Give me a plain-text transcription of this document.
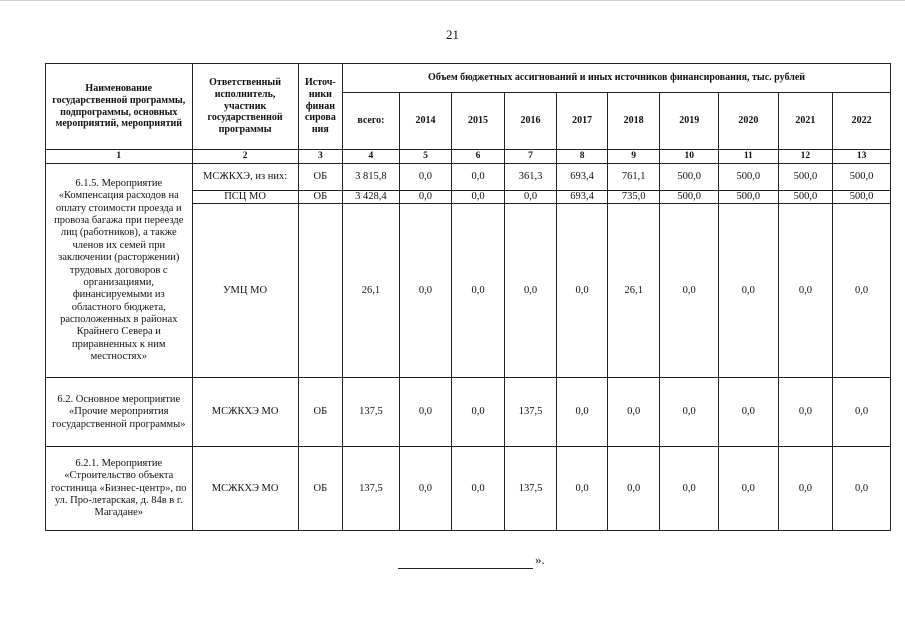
21
Наименование государственной программы, подпрограммы, основных мероприятий, мероприятий	Ответственный исполнитель, участник государственной программы	Источ-ники финан сирова ния	Объем бюджетных ассигнований и иных источников финансирования, тыс. рублей									
			всего:	2014	2015	2016	2017	2018	2019	2020	2021	2022
1	2	3	4	5	6	7	8	9	10	11	12	13
6.1.5. Мероприятие «Компенсация расходов на оплату стоимости проезда и провоза багажа при переезде лиц (работников), а также членов их семей при заключении (расторжении) трудовых договоров с организациями, финансируемыми из областного бюджета, расположенных в районах Крайнего Севера и приравненных к ним местностях»	МСЖКХЭ, из них:	ОБ	3 815,8	0,0	0,0	361,3	693,4	761,1	500,0	500,0	500,0	500,0
	ПСЦ МО	ОБ	3 428,4	0,0	0,0	0,0	693,4	735,0	500,0	500,0	500,0	500,0
	УМЦ МО		26,1	0,0	0,0	0,0	0,0	26,1	0,0	0,0	0,0	0,0
6.2. Основное мероприятие «Прочие мероприятия государственной программы»	МСЖКХЭ МО	ОБ	137,5	0,0	0,0	137,5	0,0	0,0	0,0	0,0	0,0	0,0
6.2.1. Мероприятие «Строительство объекта гостиница «Бизнес-центр», по ул. Про-летарская, д. 84в в г. Магадане»	МСЖКХЭ МО	ОБ	137,5	0,0	0,0	137,5	0,0	0,0	0,0	0,0	0,0	0,0
».
